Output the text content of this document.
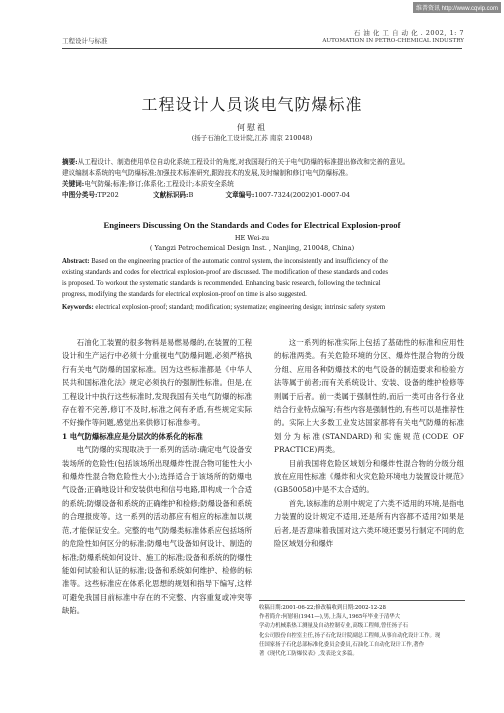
维普资讯 http://www.cqvip.com
工程设计与标准
石 油 化 工 自 动 化 . 2002, 1: 7
AUTOMATION IN PETRO-CHEMICAL INDUSTRY
工程设计人员谈电气防爆标准
何慰祖
(扬子石油化工设计院,江苏 南京 210048)
摘要:从工程设计、制造使用单位自动化系统工程设计的角度,对我国现行的关于电气防爆的标准提出修改和完善的意见。
建议编制本系统的电气防爆标准;加强技术标准研究,跟踪技术的发展,及时编制和修订电气防爆标准。
关键词:电气防爆;标准;修订;体系化;工程设计;本质安全系统
中图分类号:TP202	文献标识码:B	文章编号:1007-7324(2002)01-0007-04
Engineers Discussing On the Standards and Codes for Electrical Explosion-proof
HE Wei-zu
( Yangzi Petrochemical Design Inst. , Nanjing, 210048, China)
Abstract: Based on the engineering practice of the automatic control system, the inconsistently and insufficiency of the
existing standards and codes for electrical explosion-proof are discussed. The modification of these standards and codes
is proposed. To workout the systematic standards is recommended. Enhancing basic research, following the technical
progress, modifying the standards for electrical explosion-proof on time is also suggested.
Keywords: electrical explosion-proof; standard; modification; systematize; engineering design; intrinsic safety system

石油化工装置的很多物料是易燃易爆的,在装置的工程设计和生产运行中必须十分重视电气防爆问题,必须严格执行有关电气防爆的国家标准。因为这些标准都是《中华人民共和国标准化法》规定必须执行的强制性标准。但是,在工程设计中执行这些标准时,发现我国有关电气防爆的标准存在着不完善,修订不及时,标准之间有矛盾,有些规定实际不好操作等问题,感觉出来供修订标准参考。

1 电气防爆标准应是分层次的体系化的标准

电气防爆的实现取决于一系列的活动:确定电气设备安装场所的危险性(包括该场所出现爆炸性混合物可能性大小和爆炸性混合物危险性大小);选择适合于该场所的防爆电气设备;正确地设计和安装供电和信号电路,即构成一个合适的系统;防爆设备和系统的正确维护和检修;防爆设备和系统的合理报废等。这一系列的活动都应有相应的标准加以规范,才能保证安全。完整的电气防爆类标准体系应包括场所的危险性如何区分的标准;防爆电气设备如何设计、制造的标准;防爆系统如何设计、施工的标准;设备和系统的防爆性能如何试验和认证的标准;设备和系统如何维护、检修的标准等。这些标准应在体系化思想的规划和指导下编写,这样可避免我国目前标准中存在的不完整、内容重复或冲突等缺陷。

这一系列的标准实际上包括了基础性的标准和应用性的标准两类。有关危险环境的分区、爆炸性混合物的分级分组、应用各种防爆技术的电气设备的制造要求和检验方法等属于前者;而有关系统设计、安装、设备的维护检修等则属于后者。前一类属于强制性的,而后一类可由各行各业结合行业特点编写;有些内容是强制性的,有些可以是推荐性的。实际上大多数工业发达国家都将有关电气防爆的标准划分为标准(STANDARD)和实施规范(CODE OF PRACTICE)两类。

目前我国将危险区域划分和爆炸性混合物的分级分组放在应用性标准《爆炸和火灾危险环境电力装置设计规范》(GB50058)中是不太合适的。

首先,该标准的总则中规定了六类不适用的环境,是指电力装置的设计规定不适用,还是所有内容都不适用?如果是后者,是否意味着我国对这六类环境还要另行制定不同的危险区域划分和爆炸

收稿日期:2001-06-22;修改稿收到日期:2002-12-28

作者简介:何慰祖(1941—),男,上海人,1965年毕业于清华大

学动力机械系热工测量及自动控制专业,高级工程师,曾任扬子石

化公司股份自控室主任,扬子石化设计院副总工程师,从事自动化设计工作。现

任国家扬子石化总部标准化委员会委员,石油化工自动化设计工作,著作

著《现代化工防爆仪表》,发表论文多篇。
